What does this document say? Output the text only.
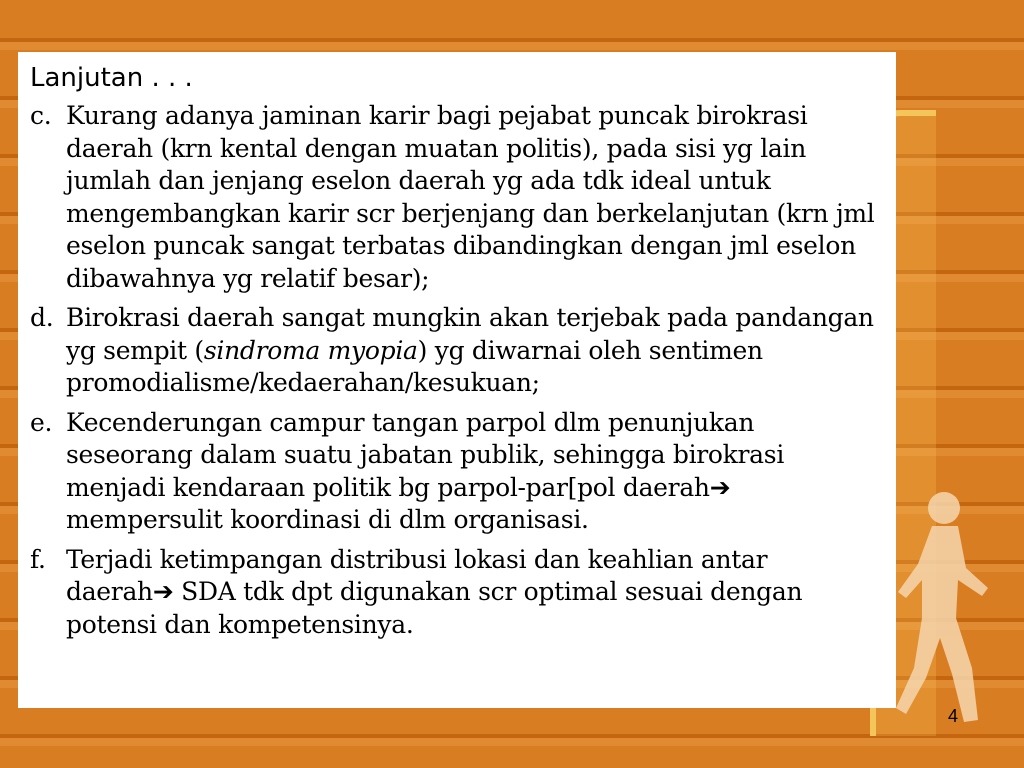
Lanjutan . . .
c. Kurang adanya jaminan karir bagi pejabat puncak birokrasi daerah (krn kental dengan muatan politis), pada sisi yg lain jumlah dan jenjang eselon daerah yg ada tdk ideal untuk mengembangkan karir scr berjenjang dan berkelanjutan (krn jml eselon puncak sangat terbatas dibandingkan dengan jml eselon dibawahnya yg relatif besar);
d. Birokrasi daerah sangat mungkin akan terjebak pada pandangan yg sempit (sindroma myopia) yg diwarnai oleh sentimen promodialisme/kedaerahan/kesukuan;
e. Kecenderungan campur tangan parpol dlm penunjukan seseorang dalam suatu jabatan publik, sehingga birokrasi menjadi kendaraan politik bg parpol-par[pol daerah➔ mempersulit koordinasi di dlm organisasi.
f. Terjadi ketimpangan distribusi lokasi dan keahlian antar daerah➔ SDA tdk dpt digunakan scr optimal sesuai dengan potensi dan kompetensinya.
4
